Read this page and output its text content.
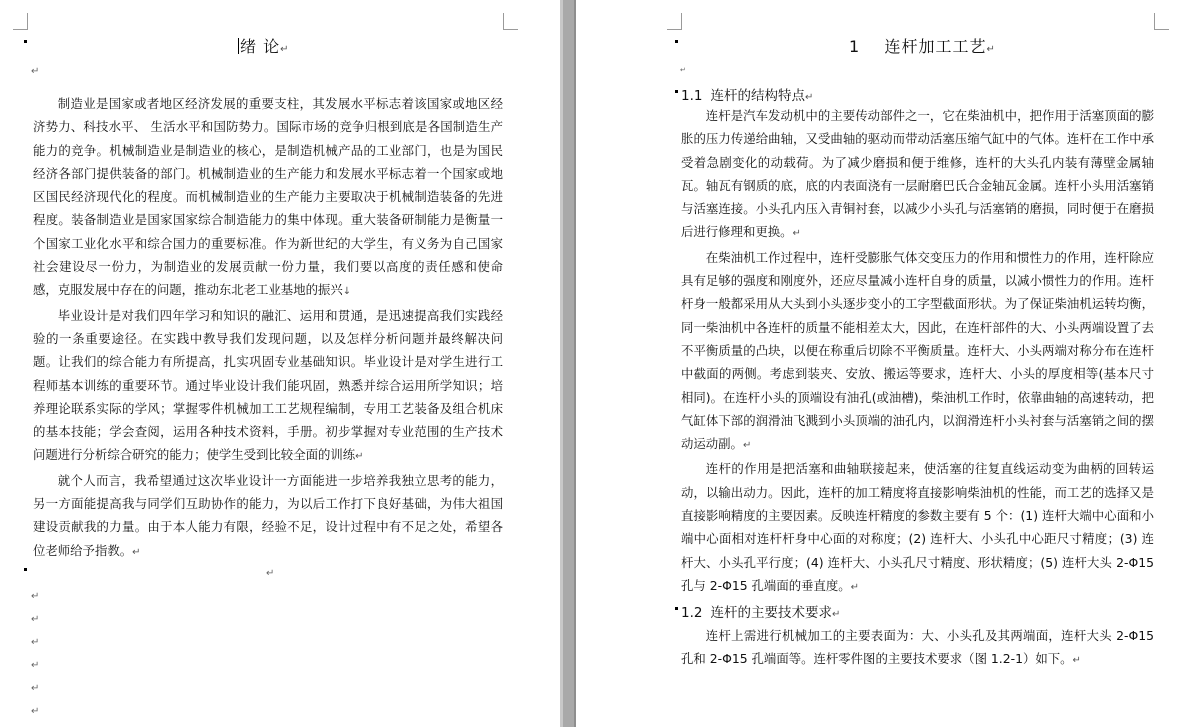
绪 论↵
↵

制造业是国家或者地区经济发展的重要支柱，其发展水平标志着该国家或地区经济势力、科技水平、 生活水平和国防势力。国际市场的竞争归根到底是各国制造生产能力的竞争。机械制造业是制造业的核心，是制造机械产品的工业部门，也是为国民经济各部门提供装备的部门。机械制造业的生产能力和发展水平标志着一个国家或地区国民经济现代化的程度。而机械制造业的生产能力主要取决于机械制造装备的先进程度。装备制造业是国家国家综合制造能力的集中体现。重大装备研制能力是衡量一个国家工业化水平和综合国力的重要标准。作为新世纪的大学生，有义务为自己国家社会建设尽一份力，为制造业的发展贡献一份力量，我们要以高度的责任感和使命感，克服发展中存在的问题，推动东北老工业基地的振兴↓

毕业设计是对我们四年学习和知识的融汇、运用和贯通，是迅速提高我们实践经验的一条重要途径。在实践中教导我们发现问题，以及怎样分析问题并最终解决问题。让我们的综合能力有所提高，扎实巩固专业基础知识。毕业设计是对学生进行工程师基本训练的重要环节。通过毕业设计我们能巩固，熟悉并综合运用所学知识；培养理论联系实际的学风；掌握零件机械加工工艺规程编制，专用工艺装备及组合机床的基本技能；学会查阅，运用各种技术资料，手册。初步掌握对专业范围的生产技术问题进行分析综合研究的能力；使学生受到比较全面的训练↵

就个人而言，我希望通过这次毕业设计一方面能进一步培养我独立思考的能力，另一方面能提高我与同学们互助协作的能力，为以后工作打下良好基础，为伟大祖国建设贡献我的力量。由于本人能力有限，经验不足，设计过程中有不足之处，希望各位老师给予指教。↵

↵
↵
↵
↵
↵
↵
↵
1 连杆加工工艺↵
↵
1.1 连杆的结构特点↵

连杆是汽车发动机中的主要传动部件之一，它在柴油机中，把作用于活塞顶面的膨胀的压力传递给曲轴，又受曲轴的驱动而带动活塞压缩气缸中的气体。连杆在工作中承受着急剧变化的动载荷。为了减少磨损和便于维修，连杆的大头孔内装有薄壁金属轴瓦。轴瓦有钢质的底，底的内表面浇有一层耐磨巴氏合金轴瓦金属。连杆小头用活塞销与活塞连接。小头孔内压入青铜衬套，以减少小头孔与活塞销的磨损，同时便于在磨损后进行修理和更换。↵

在柴油机工作过程中，连杆受膨胀气体交变压力的作用和惯性力的作用，连杆除应具有足够的强度和刚度外，还应尽量减小连杆自身的质量，以减小惯性力的作用。连杆杆身一般都采用从大头到小头逐步变小的工字型截面形状。为了保证柴油机运转均衡，同一柴油机中各连杆的质量不能相差太大，因此，在连杆部件的大、小头两端设置了去不平衡质量的凸块，以便在称重后切除不平衡质量。连杆大、小头两端对称分布在连杆中截面的两侧。考虑到装夹、安放、搬运等要求，连杆大、小头的厚度相等(基本尺寸相同)。在连杆小头的顶端设有油孔(或油槽)，柴油机工作时，依靠曲轴的高速转动，把气缸体下部的润滑油飞溅到小头顶端的油孔内，以润滑连杆小头衬套与活塞销之间的摆动运动副。↵

连杆的作用是把活塞和曲轴联接起来，使活塞的往复直线运动变为曲柄的回转运动，以输出动力。因此，连杆的加工精度将直接影响柴油机的性能，而工艺的选择又是直接影响精度的主要因素。反映连杆精度的参数主要有 5 个：(1) 连杆大端中心面和小端中心面相对连杆杆身中心面的对称度；(2) 连杆大、小头孔中心距尺寸精度；(3) 连杆大、小头孔平行度；(4) 连杆大、小头孔尺寸精度、形状精度；(5) 连杆大头 2-Φ15 孔与 2-Φ15 孔端面的垂直度。↵

1.2 连杆的主要技术要求↵

连杆上需进行机械加工的主要表面为：大、小头孔及其两端面，连杆大头 2-Φ15 孔和 2-Φ15 孔端面等。连杆零件图的主要技术要求（图 1.2-1）如下。↵
